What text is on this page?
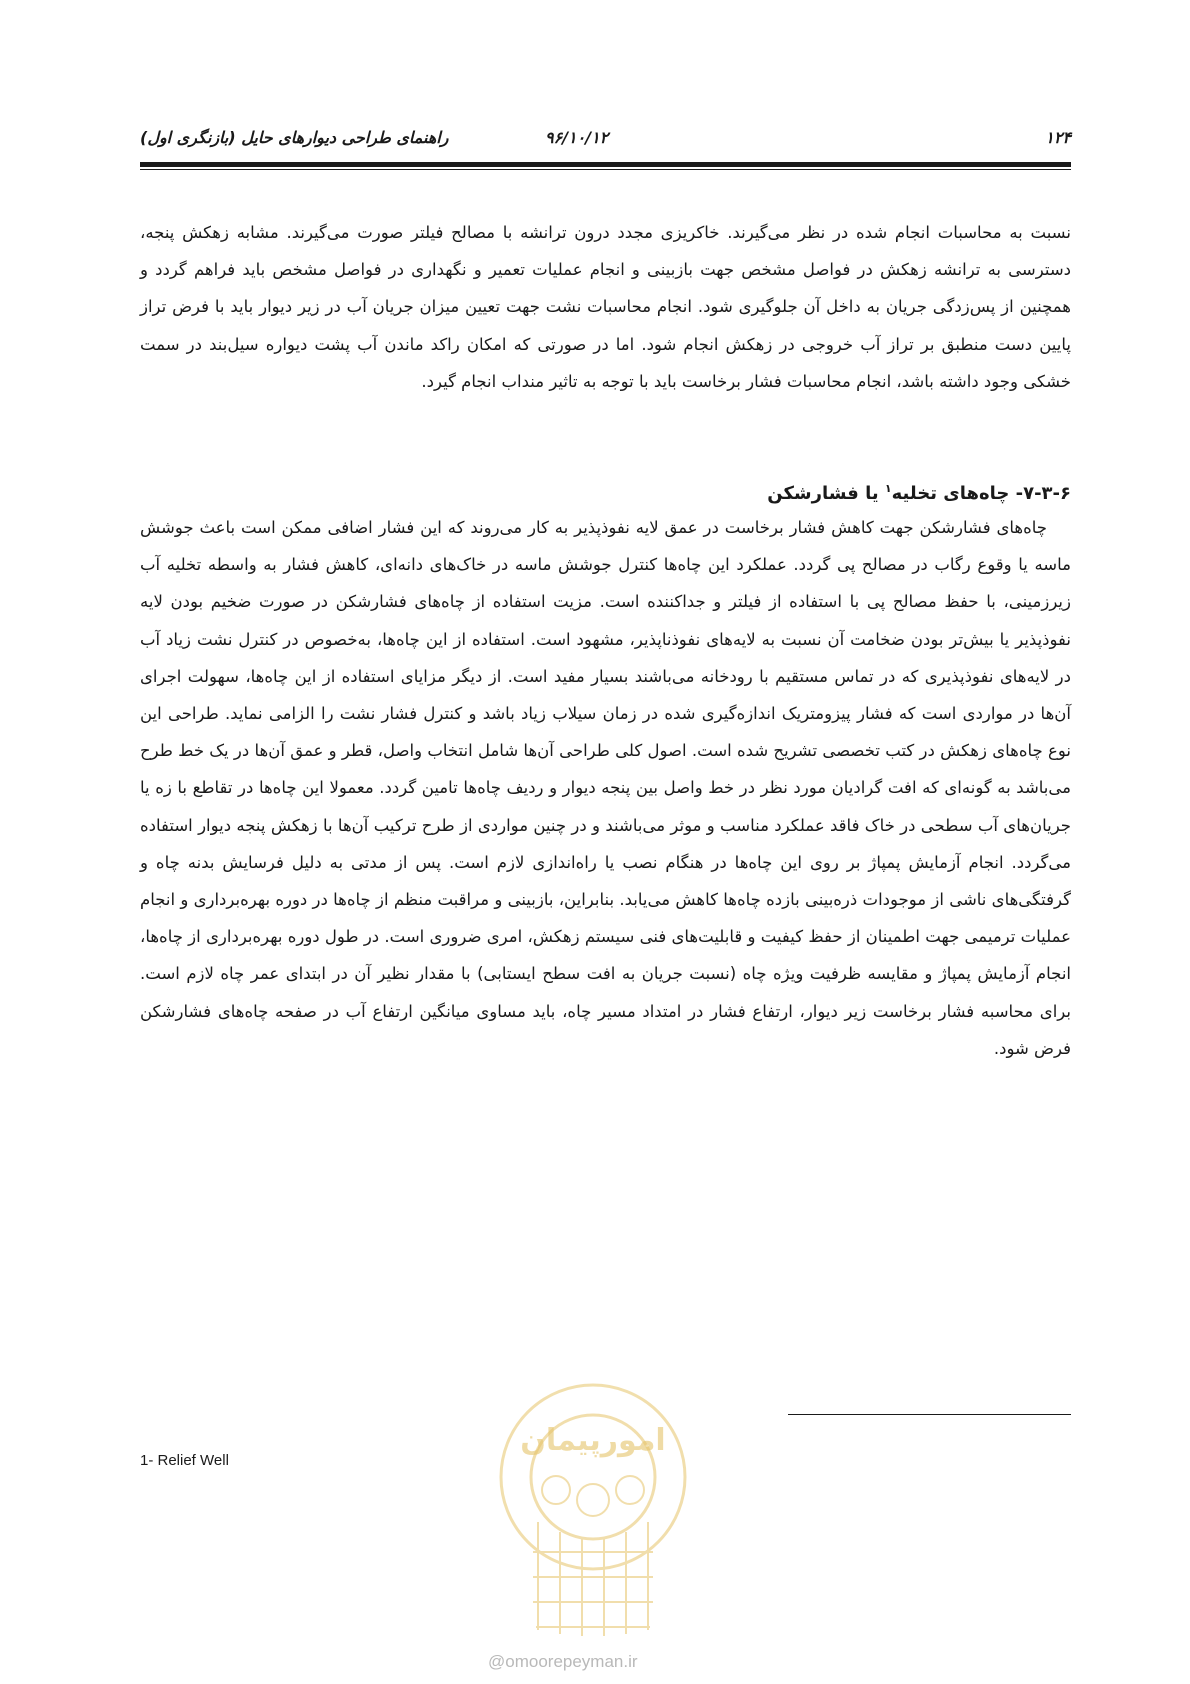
۱۲۴
۹۶/۱۰/۱۲
راهنمای طراحی دیوارهای حایل (بازنگری اول)

نسبت به محاسبات انجام شده در نظر می‌گیرند. خاکریزی مجدد درون ترانشه با مصالح فیلتر صورت می‌گیرند. مشابه زهکش پنجه، دسترسی به ترانشه زهکش در فواصل مشخص جهت بازبینی و انجام عملیات تعمیر و نگهداری در فواصل مشخص باید فراهم گردد و همچنین از پس‌زدگی جریان به داخل آن جلوگیری شود. انجام محاسبات نشت جهت تعیین میزان جریان آب در زیر دیوار باید با فرض تراز پایین دست منطبق بر تراز آب خروجی در زهکش انجام شود. اما در صورتی که امکان راکد ماندن آب پشت دیواره سیل‌بند در سمت خشکی وجود داشته باشد، انجام محاسبات فشار برخاست باید با توجه به تاثیر منداب انجام گیرد.

۷-۳-۶- چاه‌های تخلیه$^۱$ یا فشارشکن

چاه‌های فشارشکن جهت کاهش فشار برخاست در عمق لایه نفوذپذیر به کار می‌روند که این فشار اضافی ممکن است باعث جوشش ماسه یا وقوع رگاب در مصالح پی گردد. عملکرد این چاه‌ها کنترل جوشش ماسه در خاک‌های دانه‌ای، کاهش فشار به واسطه تخلیه آب زیرزمینی، با حفظ مصالح پی با استفاده از فیلتر و جداکننده است. مزیت استفاده از چاه‌های فشارشکن در صورت ضخیم بودن لایه نفوذپذیر یا بیش‌تر بودن ضخامت آن نسبت به لایه‌های نفوذناپذیر، مشهود است. استفاده از این چاه‌ها، به‌خصوص در کنترل نشت زیاد آب در لایه‌های نفوذپذیری که در تماس مستقیم با رودخانه می‌باشند بسیار مفید است. از دیگر مزایای استفاده از این چاه‌ها، سهولت اجرای آن‌ها در مواردی است که فشار پیزومتریک اندازه‌گیری شده در زمان سیلاب زیاد باشد و کنترل فشار نشت را الزامی نماید. طراحی این نوع چاه‌های زهکش در کتب تخصصی تشریح شده است. اصول کلی طراحی آن‌ها شامل انتخاب واصل، قطر و عمق آن‌ها در یک خط طرح می‌باشد به گونه‌ای که افت گرادیان مورد نظر در خط واصل بین پنجه دیوار و ردیف چاه‌ها تامین گردد. معمولا این چاه‌ها در تقاطع با زه یا جریان‌های آب سطحی در خاک فاقد عملکرد مناسب و موثر می‌باشند و در چنین مواردی از طرح ترکیب آن‌ها با زهکش پنجه دیوار استفاده می‌گردد. انجام آزمایش پمپاژ بر روی این چاه‌ها در هنگام نصب یا راه‌اندازی لازم است. پس از مدتی به دلیل فرسایش بدنه چاه و گرفتگی‌های ناشی از موجودات ذره‌بینی بازده چاه‌ها کاهش می‌یابد. بنابراین، بازبینی و مراقبت منظم از چاه‌ها در دوره بهره‌برداری و انجام عملیات ترمیمی جهت اطمینان از حفظ کیفیت و قابلیت‌های فنی سیستم زهکش، امری ضروری است. در طول دوره بهره‌برداری از چاه‌ها، انجام آزمایش پمپاژ و مقایسه ظرفیت ویژه چاه (نسبت جریان به افت سطح ایستابی) با مقدار نظیر آن در ابتدای عمر چاه لازم است. برای محاسبه فشار برخاست زیر دیوار، ارتفاع فشار در امتداد مسیر چاه، باید مساوی میانگین ارتفاع آب در صفحه چاه‌های فشارشکن فرض شود.

1- Relief Well
امورپیمان
@omoorepeyman.ir
